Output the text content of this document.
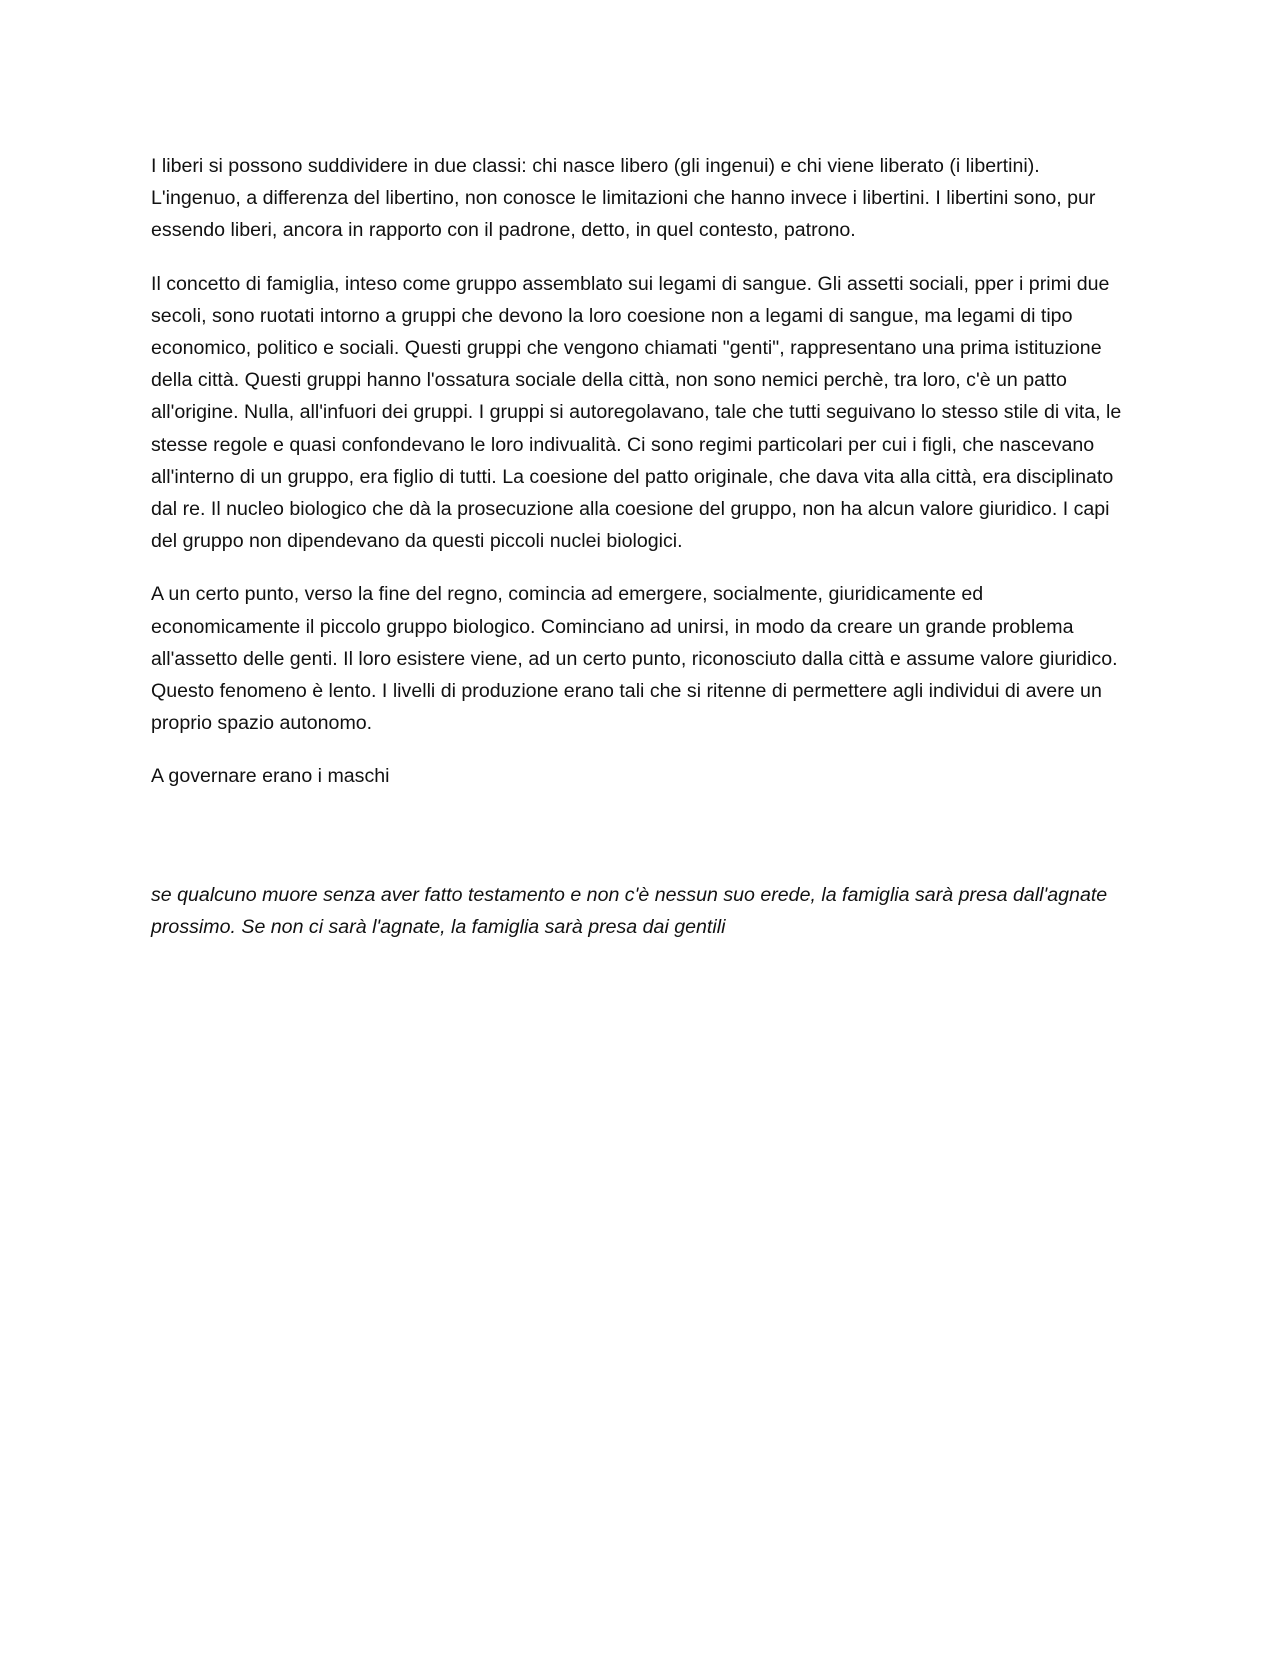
I liberi si possono suddividere in due classi: chi nasce libero (gli ingenui) e chi viene liberato (i libertini). L'ingenuo, a differenza del libertino, non conosce le limitazioni che hanno invece i libertini. I libertini sono, pur essendo liberi, ancora in rapporto con il padrone, detto, in quel contesto, patrono.

Il concetto di famiglia, inteso come gruppo assemblato sui legami di sangue. Gli assetti sociali, pper i primi due secoli, sono ruotati intorno a gruppi che devono la loro coesione non a legami di sangue, ma legami di tipo economico, politico e sociali. Questi gruppi che vengono chiamati "genti", rappresentano una prima istituzione della città. Questi gruppi hanno l'ossatura sociale della città, non sono nemici perchè, tra loro, c'è un patto all'origine. Nulla, all'infuori dei gruppi. I gruppi si autoregolavano, tale che tutti seguivano lo stesso stile di vita, le stesse regole e quasi confondevano le loro indivualità. Ci sono regimi particolari per cui i figli, che nascevano all'interno di un gruppo, era figlio di tutti. La coesione del patto originale, che dava vita alla città, era disciplinato dal re. Il nucleo biologico che dà la prosecuzione alla coesione del gruppo, non ha alcun valore giuridico. I capi del gruppo non dipendevano da questi piccoli nuclei biologici.

A un certo punto, verso la fine del regno, comincia ad emergere, socialmente, giuridicamente ed economicamente il piccolo gruppo biologico. Cominciano ad unirsi, in modo da creare un grande problema all'assetto delle genti. Il loro esistere viene, ad un certo punto, riconosciuto dalla città e assume valore giuridico. Questo fenomeno è lento. I livelli di produzione erano tali che si ritenne di permettere agli individui di avere un proprio spazio autonomo.

A governare erano i maschi

se qualcuno muore senza aver fatto testamento e non c'è nessun suo erede, la famiglia sarà presa dall'agnate prossimo. Se non ci sarà l'agnate, la famiglia sarà presa dai gentili
